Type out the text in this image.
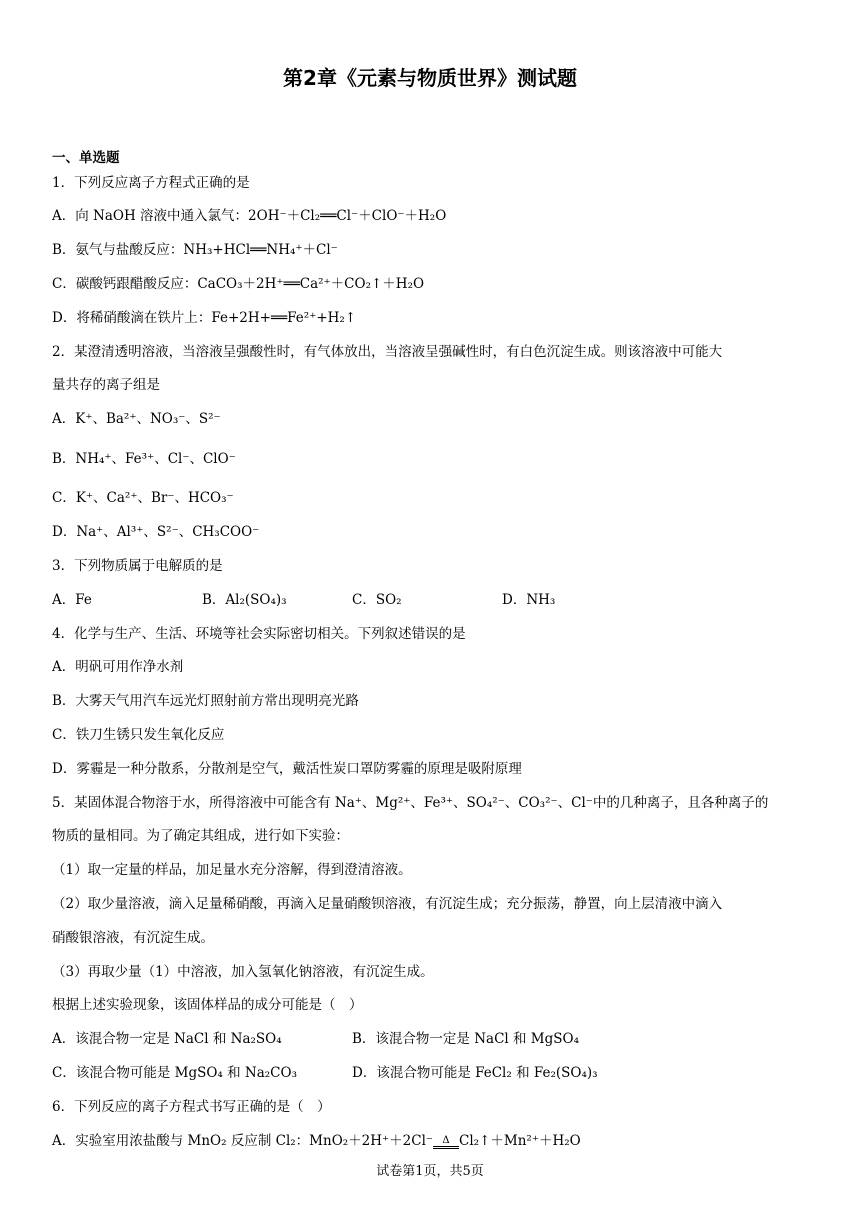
第2章《元素与物质世界》测试题
一、单选题
1．下列反应离子方程式正确的是
A．向 NaOH 溶液中通入氯气：2OH⁻＋Cl₂══Cl⁻＋ClO⁻＋H₂O
B．氨气与盐酸反应：NH₃+HCl══NH₄⁺＋Cl⁻
C．碳酸钙跟醋酸反应：CaCO₃＋2H⁺══Ca²⁺＋CO₂↑＋H₂O
D．将稀硝酸滴在铁片上：Fe+2H+══Fe²⁺+H₂↑
2．某澄清透明溶液，当溶液呈强酸性时，有气体放出，当溶液呈强碱性时，有白色沉淀生成。则该溶液中可能大
量共存的离子组是
A．K⁺、Ba²⁺、NO₃⁻、S²⁻
B．NH₄⁺、Fe³⁺、Cl⁻、ClO⁻
C．K⁺、Ca²⁺、Br⁻、HCO₃⁻
D．Na⁺、Al³⁺、S²⁻、CH₃COO⁻
3．下列物质属于电解质的是
A．Fe	B．Al₂(SO₄)₃	C．SO₂	D．NH₃
4．化学与生产、生活、环境等社会实际密切相关。下列叙述错误的是
A．明矾可用作净水剂
B．大雾天气用汽车远光灯照射前方常出现明亮光路
C．铁刀生锈只发生氧化反应
D．雾霾是一种分散系，分散剂是空气，戴活性炭口罩防雾霾的原理是吸附原理
5．某固体混合物溶于水，所得溶液中可能含有 Na⁺、Mg²⁺、Fe³⁺、SO₄²⁻、CO₃²⁻、Cl⁻中的几种离子，且各种离子的
物质的量相同。为了确定其组成，进行如下实验：
（1）取一定量的样品，加足量水充分溶解，得到澄清溶液。
（2）取少量溶液，滴入足量稀硝酸，再滴入足量硝酸钡溶液，有沉淀生成；充分振荡，静置，向上层清液中滴入
硝酸银溶液，有沉淀生成。
（3）再取少量（1）中溶液，加入氢氧化钠溶液，有沉淀生成。
根据上述实验现象，该固体样品的成分可能是（　）
A．该混合物一定是 NaCl 和 Na₂SO₄	B．该混合物一定是 NaCl 和 MgSO₄
C．该混合物可能是 MgSO₄ 和 Na₂CO₃	D．该混合物可能是 FeCl₂ 和 Fe₂(SO₄)₃
6．下列反应的离子方程式书写正确的是（　）
A．实验室用浓盐酸与 MnO₂ 反应制 Cl₂：MnO₂＋2H⁺＋2Cl⁻ Δ Cl₂↑＋Mn²⁺＋H₂O
试卷第1页，共5页
